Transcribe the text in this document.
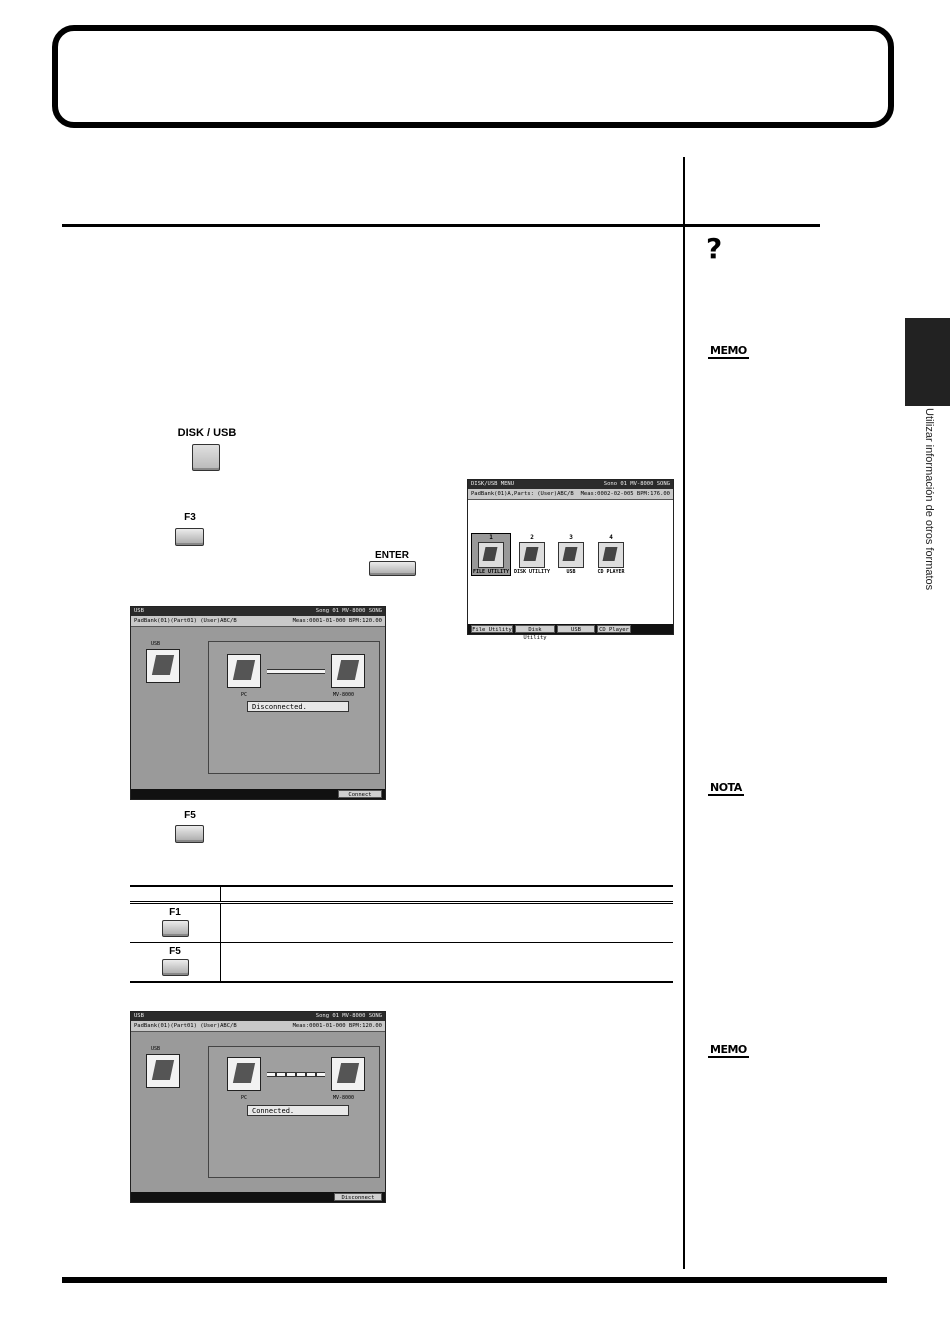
Utilizar información de otros formatos
?
MEMO
NOTA
MEMO
DISK / USB
F3
ENTER
DISK/USB MENU	Sono 01 MV-8000 SONG
PadBank(01)A,Parts: (User)ABC/B Meas:0002-02-005 BPM:176.00
1
FILE UTILITY
2
DISK UTILITY
3
USB
4
CD PLAYER
File Utility	Disk Utility
USB	CD Player
USB	Song 01 MV-8000 SONG
PadBank(01)(Part01) (User)ABC/B	Meas:0001-01-000 BPM:120.00
USB
PC	MV-8000
Disconnected.
Connect
F5

F1	

F5	

USB	Song 01 MV-8000 SONG
PadBank(01)(Part01) (User)ABC/B	Meas:0001-01-000 BPM:120.00
USB
PC	MV-8000
Connected.
Disconnect
